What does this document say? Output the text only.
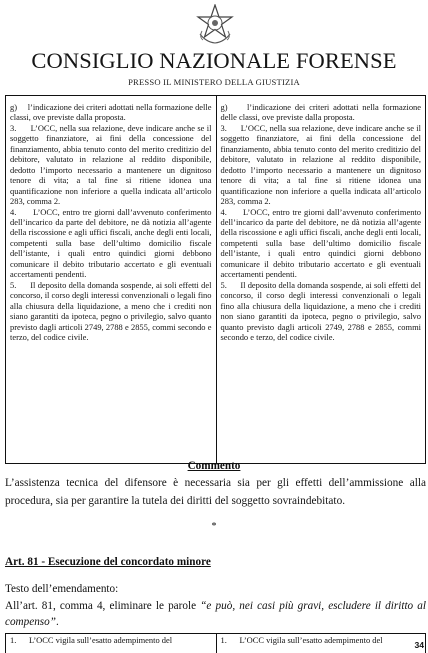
CONSIGLIO NAZIONALE FORENSE
PRESSO IL MINISTERO DELLA GIUSTIZIA

g)     l’indicazione dei criteri adottati nella formazione delle classi, ove previste dalla proposta.

3.      L’OCC, nella sua relazione, deve indicare anche se il soggetto finanziatore, ai fini della concessione del finanziamento, abbia tenuto conto del merito creditizio del debitore, valutato in relazione al reddito disponibile, dedotto l’importo necessario a mantenere un dignitoso tenore di vita; a tal fine si ritiene idonea una quantificazione non inferiore a quella indicata all’articolo 283, comma 2.

4.      L’OCC, entro tre giorni dall’avvenuto conferimento dell’incarico da parte del debitore, ne dà notizia all’agente della riscossione e agli uffici fiscali, anche degli enti locali, competenti sulla base dell’ultimo domicilio fiscale dell’istante, i quali entro quindici giorni debbono comunicare il debito tributario accertato e gli eventuali accertamenti pendenti.

5.      Il deposito della domanda sospende, ai soli effetti del concorso, il corso degli interessi convenzionali o legali fino alla chiusura della liquidazione, a meno che i crediti non siano garantiti da ipoteca, pegno o privilegio, salvo quanto previsto dagli articoli 2749, 2788 e 2855, commi secondo e terzo, del codice civile.

g)     l’indicazione dei criteri adottati nella formazione delle classi, ove previste dalla proposta.

3.      L’OCC, nella sua relazione, deve indicare anche se il soggetto finanziatore, ai fini della concessione del finanziamento, abbia tenuto conto del merito creditizio del debitore, valutato in relazione al reddito disponibile, dedotto l’importo necessario a mantenere un dignitoso tenore di vita; a tal fine si ritiene idonea una quantificazione non inferiore a quella indicata all’articolo 283, comma 2.

4.      L’OCC, entro tre giorni dall’avvenuto conferimento dell’incarico da parte del debitore, ne dà notizia all’agente della riscossione e agli uffici fiscali, anche degli enti locali, competenti sulla base dell’ultimo domicilio fiscale dell’istante, i quali entro quindici giorni debbono comunicare il debito tributario accertato e gli eventuali accertamenti pendenti.

5.      Il deposito della domanda sospende, ai soli effetti del concorso, il corso degli interessi convenzionali o legali fino alla chiusura della liquidazione, a meno che i crediti non siano garantiti da ipoteca, pegno o privilegio, salvo quanto previsto dagli articoli 2749, 2788 e 2855, commi secondo e terzo, del codice civile.

Commento
L’assistenza tecnica del difensore è necessaria sia per gli effetti dell’ammissione alla procedura, sia per garantire la tutela dei diritti del soggetto sovraindebitato.
*
Art. 81 - Esecuzione del concordato minore
Testo dell’emendamento:
All’art. 81, comma 4, eliminare le parole “e può, nei casi più gravi, escludere il diritto al compenso”.
1.      L’OCC vigila sull’esatto adempimento del	1.      L’OCC vigila sull’esatto adempimento del	34
